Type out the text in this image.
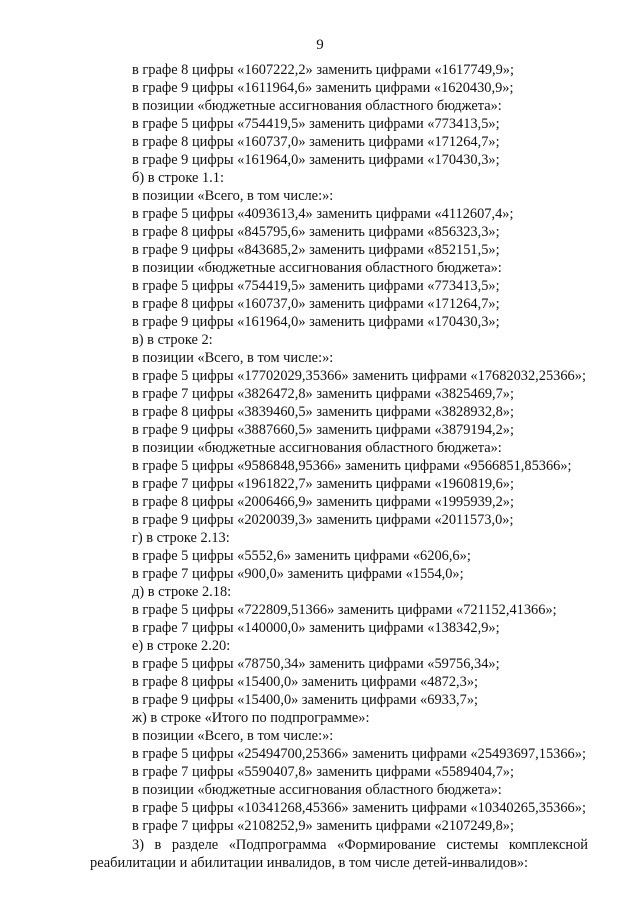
9
в графе 8 цифры «1607222,2» заменить цифрами «1617749,9»;
в графе 9 цифры «1611964,6» заменить цифрами «1620430,9»;
в позиции «бюджетные ассигнования областного бюджета»:
в графе 5 цифры «754419,5» заменить цифрами «773413,5»;
в графе 8 цифры «160737,0» заменить цифрами «171264,7»;
в графе 9 цифры «161964,0» заменить цифрами «170430,3»;
б) в строке 1.1:
в позиции «Всего, в том числе:»:
в графе 5 цифры «4093613,4» заменить цифрами «4112607,4»;
в графе 8 цифры «845795,6» заменить цифрами «856323,3»;
в графе 9 цифры «843685,2» заменить цифрами «852151,5»;
в позиции «бюджетные ассигнования областного бюджета»:
в графе 5 цифры «754419,5» заменить цифрами «773413,5»;
в графе 8 цифры «160737,0» заменить цифрами «171264,7»;
в графе 9 цифры «161964,0» заменить цифрами «170430,3»;
в) в строке 2:
в позиции «Всего, в том числе:»:
в графе 5 цифры «17702029,35366» заменить цифрами «17682032,25366»;
в графе 7 цифры «3826472,8» заменить цифрами «3825469,7»;
в графе 8 цифры «3839460,5» заменить цифрами «3828932,8»;
в графе 9 цифры «3887660,5» заменить цифрами «3879194,2»;
в позиции «бюджетные ассигнования областного бюджета»:
в графе 5 цифры «9586848,95366» заменить цифрами «9566851,85366»;
в графе 7 цифры «1961822,7» заменить цифрами «1960819,6»;
в графе 8 цифры «2006466,9» заменить цифрами «1995939,2»;
в графе 9 цифры «2020039,3» заменить цифрами «2011573,0»;
г) в строке 2.13:
в графе 5 цифры «5552,6» заменить цифрами «6206,6»;
в графе 7 цифры «900,0» заменить цифрами «1554,0»;
д) в строке 2.18:
в графе 5 цифры «722809,51366» заменить цифрами «721152,41366»;
в графе 7 цифры «140000,0» заменить цифрами «138342,9»;
е) в строке 2.20:
в графе 5 цифры «78750,34» заменить цифрами «59756,34»;
в графе 8 цифры «15400,0» заменить цифрами «4872,3»;
в графе 9 цифры «15400,0» заменить цифрами «6933,7»;
ж) в строке «Итого по подпрограмме»:
в позиции «Всего, в том числе:»:
в графе 5 цифры «25494700,25366» заменить цифрами «25493697,15366»;
в графе 7 цифры «5590407,8» заменить цифрами «5589404,7»;
в позиции «бюджетные ассигнования областного бюджета»:
в графе 5 цифры «10341268,45366» заменить цифрами «10340265,35366»;
в графе 7 цифры «2108252,9» заменить цифрами «2107249,8»;
3) в разделе «Подпрограмма «Формирование системы комплексной
реабилитации и абилитации инвалидов, в том числе детей-инвалидов»:
